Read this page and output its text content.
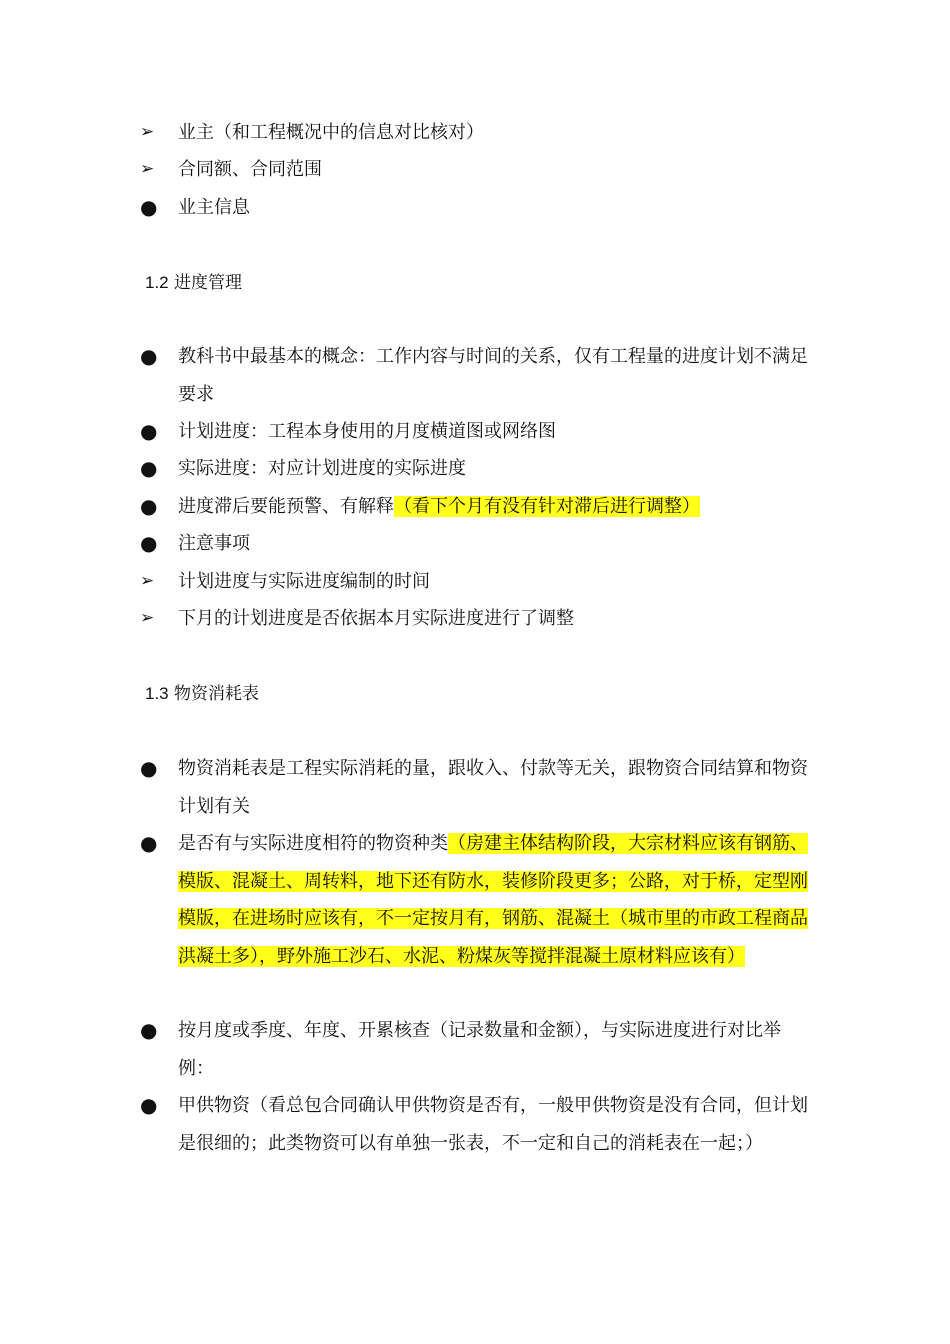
➢	业主（和工程概况中的信息对比核对）
➢	合同额、合同范围
●	业主信息
1.2 进度管理
●	教科书中最基本的概念：工作内容与时间的关系，仅有工程量的进度计划不满足要求
●	计划进度：工程本身使用的月度横道图或网络图
●	实际进度：对应计划进度的实际进度
●	进度滞后要能预警、有解释（看下个月有没有针对滞后进行调整）
●	注意事项
➢	计划进度与实际进度编制的时间
➢	下月的计划进度是否依据本月实际进度进行了调整
1.3 物资消耗表
●	物资消耗表是工程实际消耗的量，跟收入、付款等无关，跟物资合同结算和物资计划有关
●	是否有与实际进度相符的物资种类（房建主体结构阶段，大宗材料应该有钢筋、模版、混凝土、周转料，地下还有防水，装修阶段更多；公路，对于桥，定型刚模版，在进场时应该有，不一定按月有，钢筋、混凝土（城市里的市政工程商品洪凝土多），野外施工沙石、水泥、粉煤灰等搅拌混凝土原材料应该有）
●	按月度或季度、年度、开累核查（记录数量和金额），与实际进度进行对比举例：
●	甲供物资（看总包合同确认甲供物资是否有，一般甲供物资是没有合同，但计划是很细的；此类物资可以有单独一张表，不一定和自己的消耗表在一起；）
